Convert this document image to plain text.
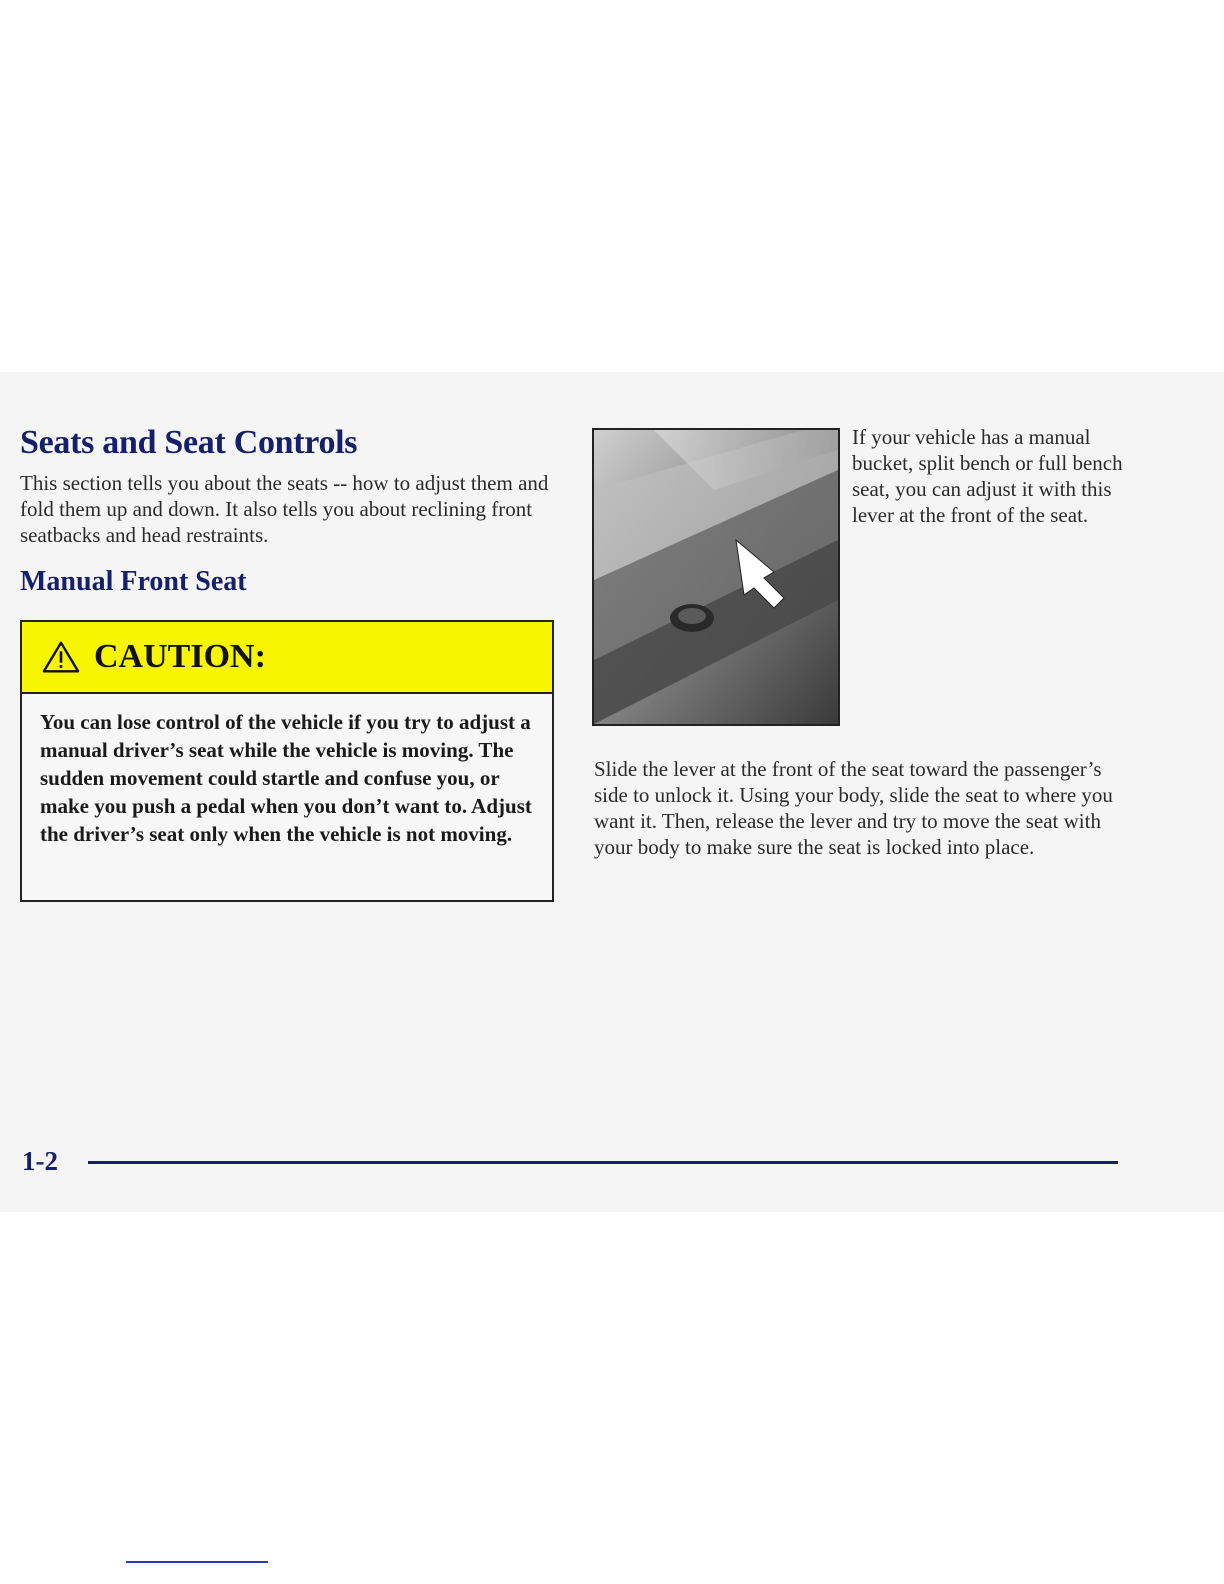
Seats and Seat Controls

This section tells you about the seats -- how to adjust them and fold them up and down. It also tells you about reclining front seatbacks and head restraints.

Manual Front Seat
CAUTION:

You can lose control of the vehicle if you try to adjust a manual driver’s seat while the vehicle is moving. The sudden movement could startle and confuse you, or make you push a pedal when you don’t want to. Adjust the driver’s seat only when the vehicle is not moving.

If your vehicle has a manual bucket, split bench or full bench seat, you can adjust it with this lever at the front of the seat.

Slide the lever at the front of the seat toward the passenger’s side to unlock it. Using your body, slide the seat to where you want it. Then, release the lever and try to move the seat with your body to make sure the seat is locked into place.

1-2
